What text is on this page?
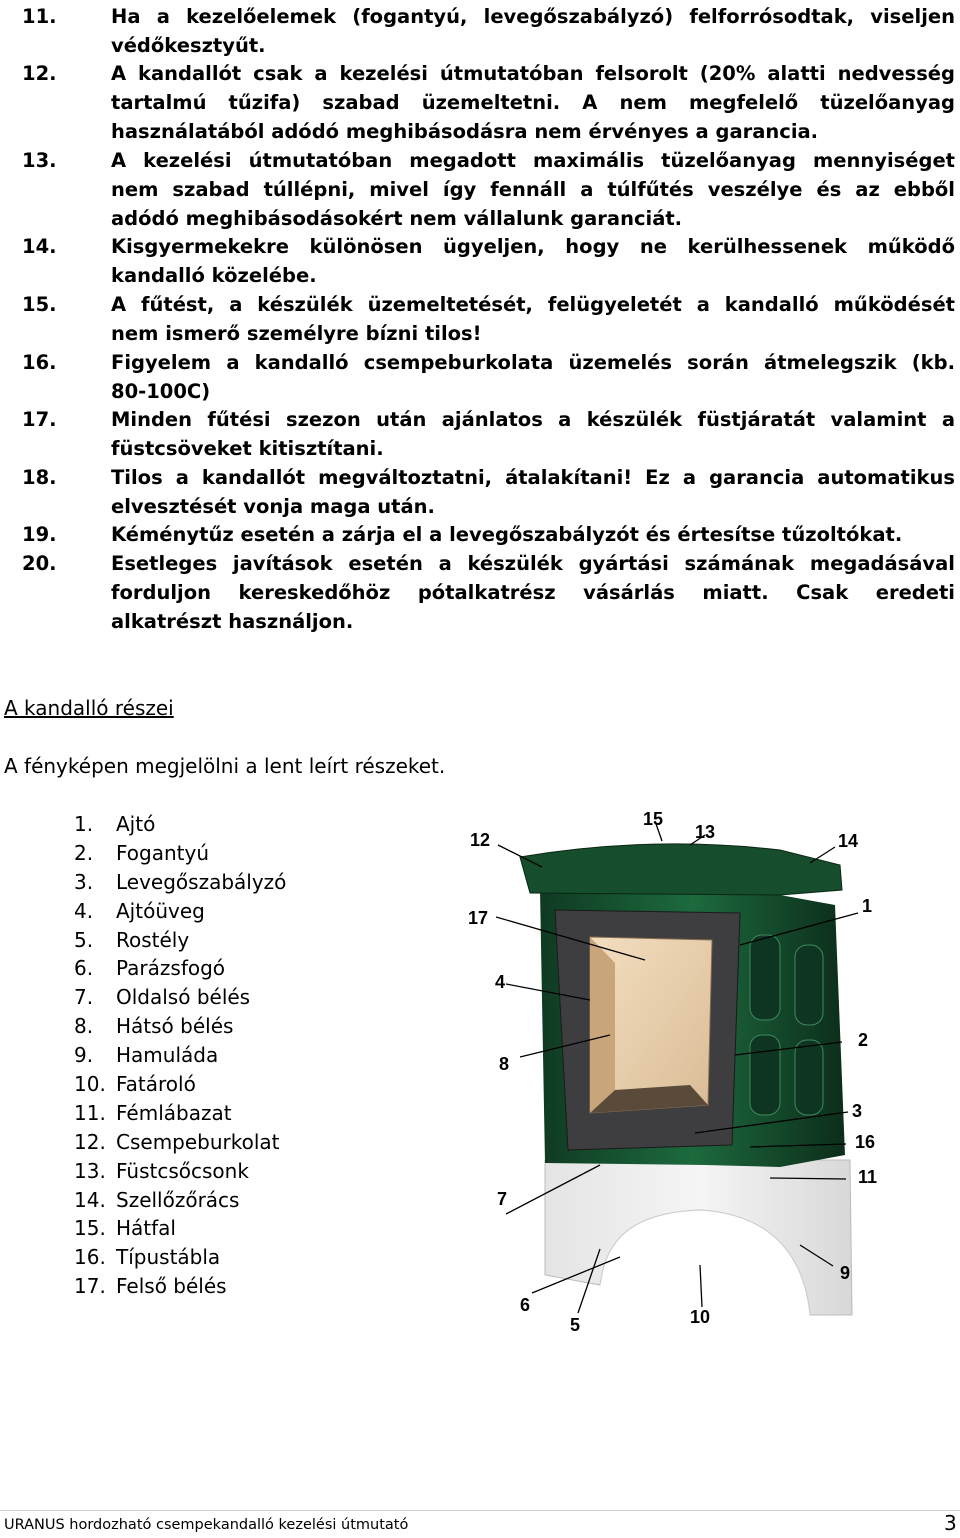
11.	Ha a kezelőelemek (fogantyú, levegőszabályzó) felforrósodtak, viseljen
védőkesztyűt.
12.	A kandallót csak a kezelési útmutatóban felsorolt (20% alatti nedvesség
tartalmú tűzifa) szabad üzemeltetni. A nem megfelelő tüzelőanyag
használatából adódó meghibásodásra nem érvényes a garancia.
13.	A kezelési útmutatóban megadott maximális tüzelőanyag mennyiséget
nem szabad túllépni, mivel így fennáll a túlfűtés veszélye és az ebből
adódó meghibásodásokért nem vállalunk garanciát.
14.	Kisgyermekekre különösen ügyeljen, hogy ne kerülhessenek működő
kandalló közelébe.
15.	A fűtést, a készülék üzemeltetését, felügyeletét a kandalló működését
nem ismerő személyre bízni tilos!
16.	Figyelem a kandalló csempeburkolata üzemelés során átmelegszik (kb.
80-100C)
17.	Minden fűtési szezon után ajánlatos a készülék füstjáratát valamint a
füstcsöveket kitisztítani.
18.	Tilos a kandallót megváltoztatni, átalakítani! Ez a garancia automatikus
elvesztését vonja maga után.
19.	Kéménytűz esetén a zárja el a levegőszabályzót és értesítse tűzoltókat.
20.	Esetleges javítások esetén a készülék gyártási számának megadásával
forduljon kereskedőhöz pótalkatrész vásárlás miatt. Csak eredeti
alkatrészt használjon.
A kandalló részei
A fényképen megjelölni a lent leírt részeket.
1.	Ajtó
2.	Fogantyú
3.	Levegőszabályzó
4.	Ajtóüveg
5.	Rostély
6.	Parázsfogó
7.	Oldalsó bélés
8.	Hátsó bélés
9.	Hamuláda
10. Fatároló
11. Fémlábazat
12. Csempeburkolat
13. Füstcsőcsonk
14. Szellőzőrács
15. Hátfal
16. Típustábla
17. Felső bélés
12
15
13	14
1
17
4
8
2
3
16
11
9
7
6
5	10
URANUS hordozható csempekandalló kezelési útmutató	3
